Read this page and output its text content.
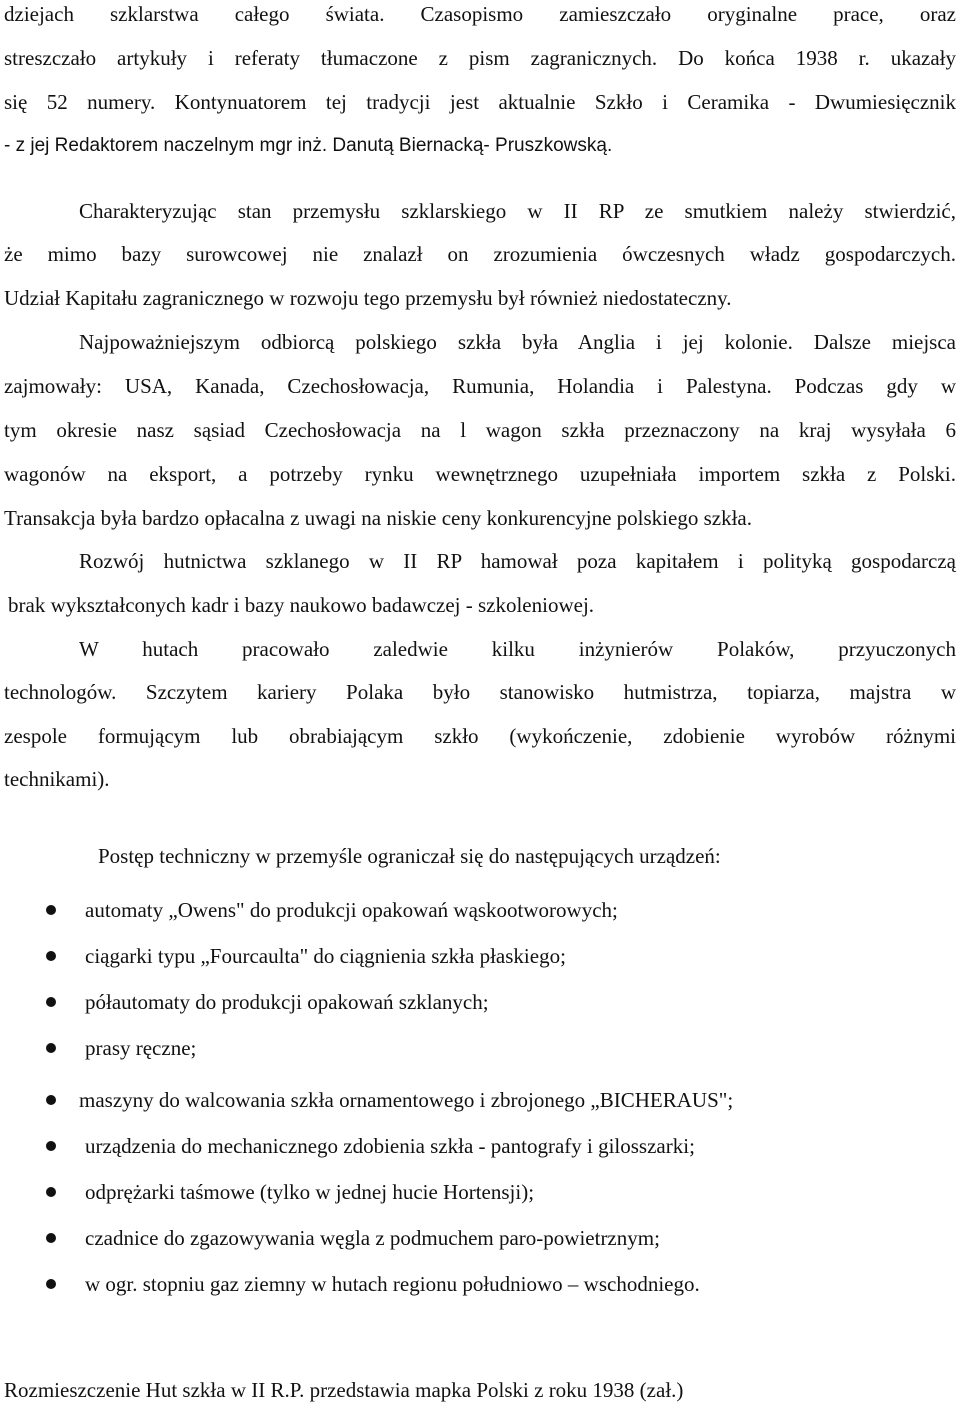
dziejach szklarstwa całego świata. Czasopismo zamieszczało oryginalne prace, oraz
streszczało artykuły i referaty tłumaczone z pism zagranicznych. Do końca 1938 r. ukazały
się 52 numery. Kontynuatorem tej tradycji jest aktualnie Szkło i Ceramika - Dwumiesięcznik
- z jej Redaktorem naczelnym mgr inż. Danutą Biernacką- Pruszkowską.
Charakteryzując stan przemysłu szklarskiego w II RP ze smutkiem należy stwierdzić,
że mimo bazy surowcowej nie znalazł on zrozumienia ówczesnych władz gospodarczych.
Udział Kapitału zagranicznego w rozwoju tego przemysłu był również niedostateczny.
Najpoważniejszym odbiorcą polskiego szkła była Anglia i jej kolonie. Dalsze miejsca
zajmowały: USA, Kanada, Czechosłowacja, Rumunia, Holandia i Palestyna. Podczas gdy w
tym okresie nasz sąsiad Czechosłowacja na l wagon szkła przeznaczony na kraj wysyłała 6
wagonów na eksport, a potrzeby rynku wewnętrznego uzupełniała importem szkła z Polski.
Transakcja była bardzo opłacalna z uwagi na niskie ceny konkurencyjne polskiego szkła.
Rozwój hutnictwa szklanego w II RP hamował poza kapitałem i polityką gospodarczą
brak wykształconych kadr i bazy naukowo badawczej - szkoleniowej.
W hutach pracowało zaledwie kilku inżynierów Polaków, przyuczonych
technologów. Szczytem kariery Polaka było stanowisko hutmistrza, topiarza, majstra w
zespole formującym lub obrabiającym szkło (wykończenie, zdobienie wyrobów różnymi
technikami).
Postęp techniczny w przemyśle ograniczał się do następujących urządzeń:
automaty „Owens" do produkcji opakowań wąskootworowych;
ciągarki typu „Fourcaulta" do ciągnienia szkła płaskiego;
półautomaty do produkcji opakowań szklanych;
prasy ręczne;
maszyny do walcowania szkła ornamentowego i zbrojonego „BICHERAUS";
urządzenia do mechanicznego zdobienia szkła - pantografy i gilosszarki;
odprężarki taśmowe (tylko w jednej hucie Hortensji);
czadnice do zgazowywania węgla z podmuchem paro-powietrznym;
w ogr. stopniu gaz ziemny w hutach regionu południowo – wschodniego.
Rozmieszczenie Hut szkła w II R.P. przedstawia mapka Polski z roku 1938 (zał.)
